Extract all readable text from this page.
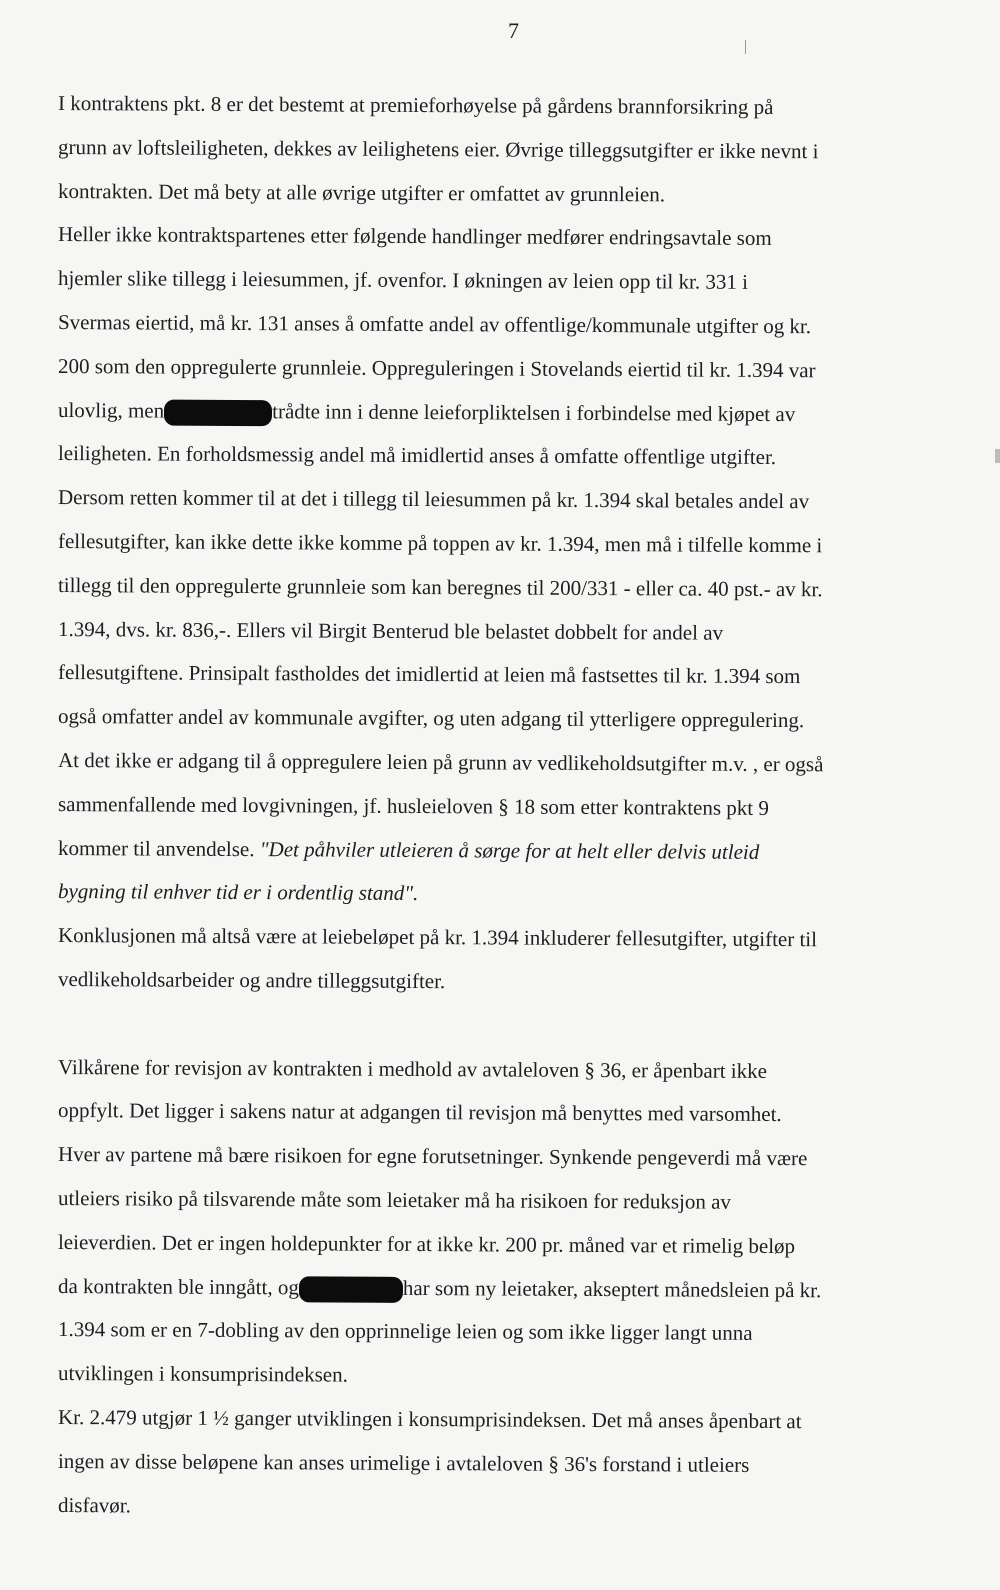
7
I kontraktens pkt. 8 er det bestemt at premieforhøyelse på gårdens brannforsikring på
grunn av loftsleiligheten, dekkes av leilighetens eier. Øvrige tilleggsutgifter er ikke nevnt i
kontrakten. Det må bety at alle øvrige utgifter er omfattet av grunnleien.
Heller ikke kontraktspartenes etter følgende handlinger medfører endringsavtale som
hjemler slike tillegg i leiesummen, jf. ovenfor. I økningen av leien opp til kr. 331 i
Svermas eiertid, må kr. 131 anses å omfatte andel av offentlige/kommunale utgifter og kr.
200 som den oppregulerte grunnleie. Oppreguleringen i Stovelands eiertid til kr. 1.394 var
ulovlig, men	trådte inn i denne leieforpliktelsen i forbindelse med kjøpet av
leiligheten. En forholdsmessig andel må imidlertid anses å omfatte offentlige utgifter.
Dersom retten kommer til at det i tillegg til leiesummen på kr. 1.394 skal betales andel av
fellesutgifter, kan ikke dette ikke komme på toppen av kr. 1.394, men må i tilfelle komme i
tillegg til den oppregulerte grunnleie som kan beregnes til 200/331 - eller ca. 40 pst.- av kr.
1.394, dvs. kr. 836,-. Ellers vil Birgit Benterud ble belastet dobbelt for andel av
fellesutgiftene. Prinsipalt fastholdes det imidlertid at leien må fastsettes til kr. 1.394 som
også omfatter andel av kommunale avgifter, og uten adgang til ytterligere oppregulering.
At det ikke er adgang til å oppregulere leien på grunn av vedlikeholdsutgifter m.v. , er også
sammenfallende med lovgivningen, jf. husleieloven § 18 som etter kontraktens pkt 9
kommer til anvendelse. "Det påhviler utleieren å sørge for at helt eller delvis utleid
bygning til enhver tid er i ordentlig stand".
Konklusjonen må altså være at leiebeløpet på kr. 1.394 inkluderer fellesutgifter, utgifter til
vedlikeholdsarbeider og andre tilleggsutgifter.
Vilkårene for revisjon av kontrakten i medhold av avtaleloven § 36, er åpenbart ikke
oppfylt. Det ligger i sakens natur at adgangen til revisjon må benyttes med varsomhet.
Hver av partene må bære risikoen for egne forutsetninger. Synkende pengeverdi må være
utleiers risiko på tilsvarende måte som leietaker må ha risikoen for reduksjon av
leieverdien. Det er ingen holdepunkter for at ikke kr. 200 pr. måned var et rimelig beløp
da kontrakten ble inngått, og	har som ny leietaker, akseptert månedsleien på kr.
1.394 som er en 7-dobling av den opprinnelige leien og som ikke ligger langt unna
utviklingen i konsumprisindeksen.
Kr. 2.479 utgjør 1 ½ ganger utviklingen i konsumprisindeksen. Det må anses åpenbart at
ingen av disse beløpene kan anses urimelige i avtaleloven § 36's forstand i utleiers
disfavør.
